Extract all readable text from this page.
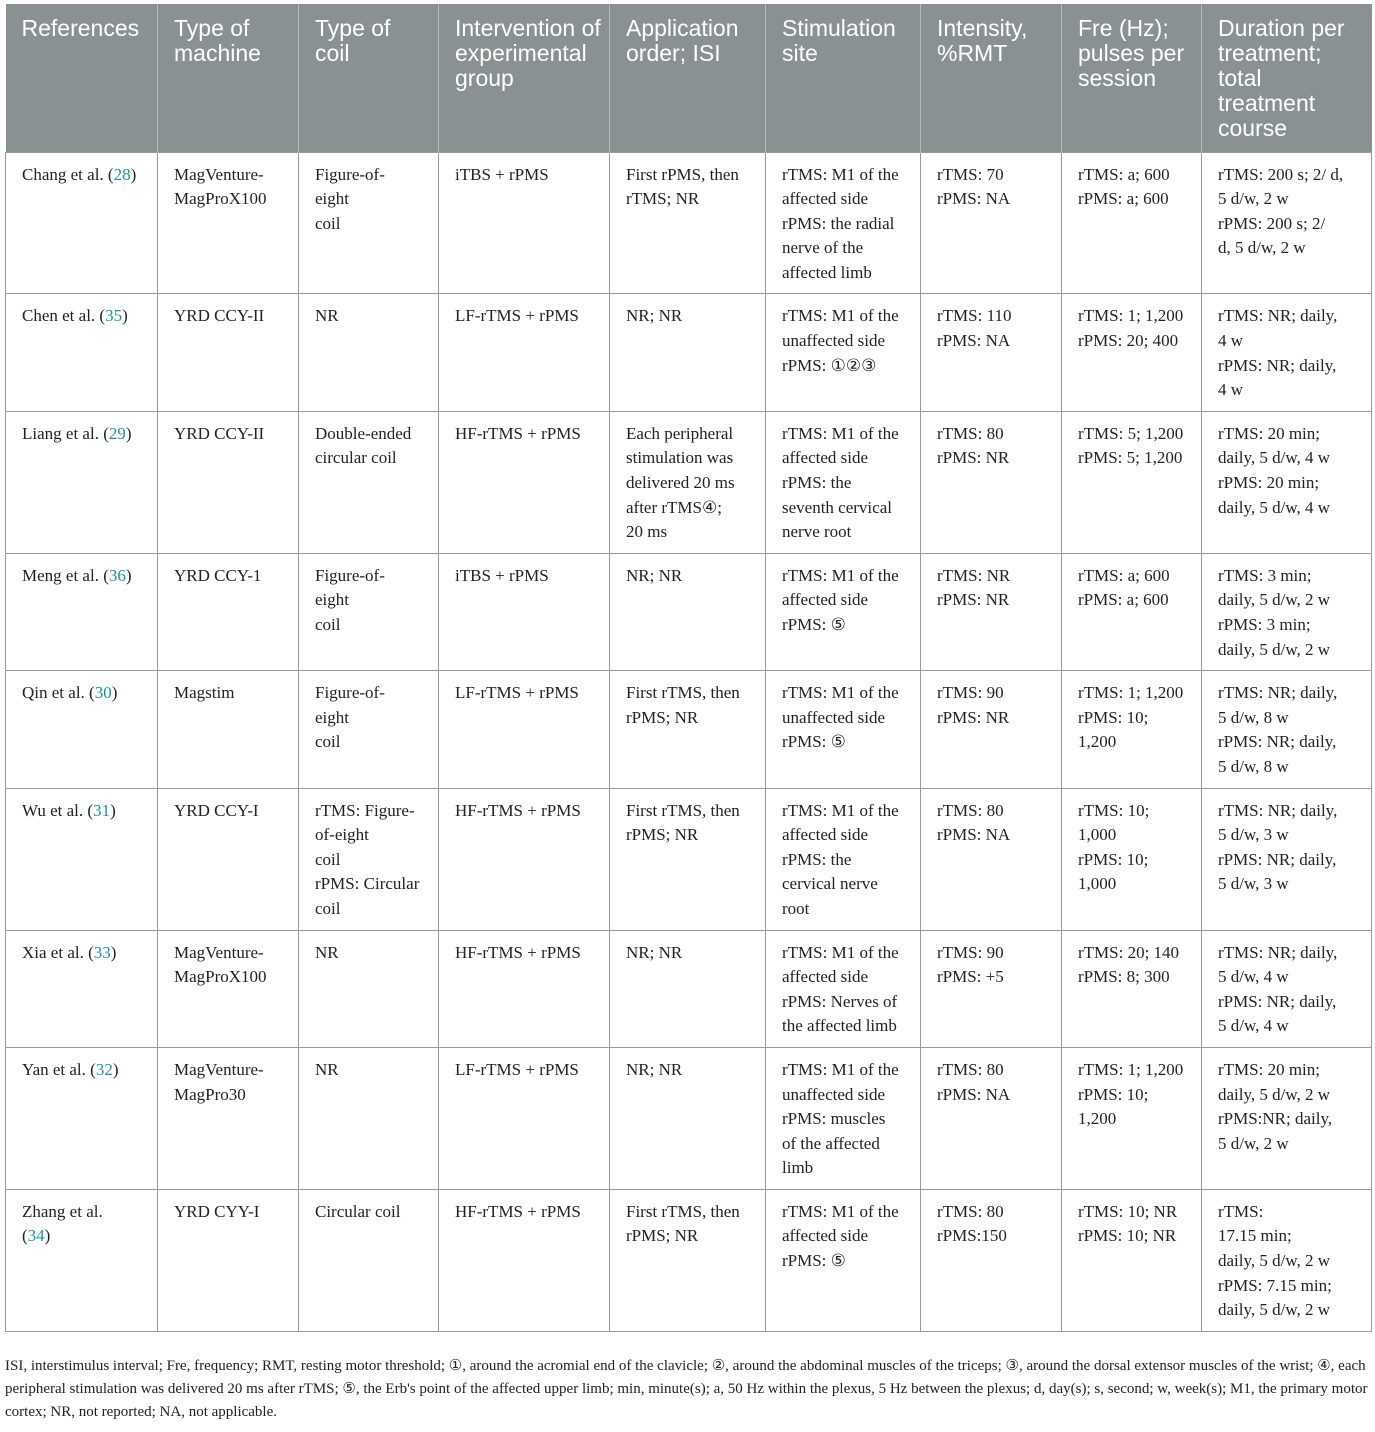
References	Type of machine	Type of coil	Intervention of experimental group	Application order; ISI	Stimulation site	Intensity, %RMT	Fre (Hz); pulses per session	Duration per treatment; total treatment course
Chang et al. (28)	MagVenture-
MagProX100	Figure-of-
eight
coil	iTBS + rPMS	First rPMS, then
rTMS; NR	rTMS: M1 of the
affected side
rPMS: the radial
nerve of the
affected limb	rTMS: 70
rPMS: NA	rTMS: a; 600
rPMS: a; 600	rTMS: 200 s; 2/ d,
5 d/w, 2 w
rPMS: 200 s; 2/
d, 5 d/w, 2 w
Chen et al. (35)	YRD CCY-II	NR	LF-rTMS + rPMS	NR; NR	rTMS: M1 of the
unaffected side
rPMS: ①②③	rTMS: 110
rPMS: NA	rTMS: 1; 1,200
rPMS: 20; 400	rTMS: NR; daily,
4 w
rPMS: NR; daily,
4 w
Liang et al. (29)	YRD CCY-II	Double-ended
circular coil	HF-rTMS + rPMS	Each peripheral
stimulation was
delivered 20 ms
after rTMS④;
20 ms	rTMS: M1 of the
affected side
rPMS: the
seventh cervical
nerve root	rTMS: 80
rPMS: NR	rTMS: 5; 1,200
rPMS: 5; 1,200	rTMS: 20 min;
daily, 5 d/w, 4 w
rPMS: 20 min;
daily, 5 d/w, 4 w
Meng et al. (36)	YRD CCY-1	Figure-of-
eight
coil	iTBS + rPMS	NR; NR	rTMS: M1 of the
affected side
rPMS: ⑤	rTMS: NR
rPMS: NR	rTMS: a; 600
rPMS: a; 600	rTMS: 3 min;
daily, 5 d/w, 2 w
rPMS: 3 min;
daily, 5 d/w, 2 w
Qin et al. (30)	Magstim	Figure-of-
eight
coil	LF-rTMS + rPMS	First rTMS, then
rPMS; NR	rTMS: M1 of the
unaffected side
rPMS: ⑤	rTMS: 90
rPMS: NR	rTMS: 1; 1,200
rPMS: 10;
1,200	rTMS: NR; daily,
5 d/w, 8 w
rPMS: NR; daily,
5 d/w, 8 w
Wu et al. (31)	YRD CCY-I	rTMS: Figure-
of-eight
coil
rPMS: Circular
coil	HF-rTMS + rPMS	First rTMS, then
rPMS; NR	rTMS: M1 of the
affected side
rPMS: the
cervical nerve
root	rTMS: 80
rPMS: NA	rTMS: 10;
1,000
rPMS: 10;
1,000	rTMS: NR; daily,
5 d/w, 3 w
rPMS: NR; daily,
5 d/w, 3 w
Xia et al. (33)	MagVenture-
MagProX100	NR	HF-rTMS + rPMS	NR; NR	rTMS: M1 of the
affected side
rPMS: Nerves of
the affected limb	rTMS: 90
rPMS: +5	rTMS: 20; 140
rPMS: 8; 300	rTMS: NR; daily,
5 d/w, 4 w
rPMS: NR; daily,
5 d/w, 4 w
Yan et al. (32)	MagVenture-
MagPro30	NR	LF-rTMS + rPMS	NR; NR	rTMS: M1 of the
unaffected side
rPMS: muscles
of the affected
limb	rTMS: 80
rPMS: NA	rTMS: 1; 1,200
rPMS: 10;
1,200	rTMS: 20 min;
daily, 5 d/w, 2 w
rPMS:NR; daily,
5 d/w, 2 w
Zhang et al.
(34)	YRD CYY-I	Circular coil	HF-rTMS + rPMS	First rTMS, then
rPMS; NR	rTMS: M1 of the
affected side
rPMS: ⑤	rTMS: 80
rPMS:150	rTMS: 10; NR
rPMS: 10; NR	rTMS:
17.15 min;
daily, 5 d/w, 2 w
rPMS: 7.15 min;
daily, 5 d/w, 2 w
ISI, interstimulus interval; Fre, frequency; RMT, resting motor threshold; ①, around the acromial end of the clavicle; ②, around the abdominal muscles of the triceps; ③, around the dorsal extensor muscles of the wrist; ④, each peripheral stimulation was delivered 20 ms after rTMS; ⑤, the Erb's point of the affected upper limb; min, minute(s); a, 50 Hz within the plexus, 5 Hz between the plexus; d, day(s); s, second; w, week(s); M1, the primary motor cortex; NR, not reported; NA, not applicable.
